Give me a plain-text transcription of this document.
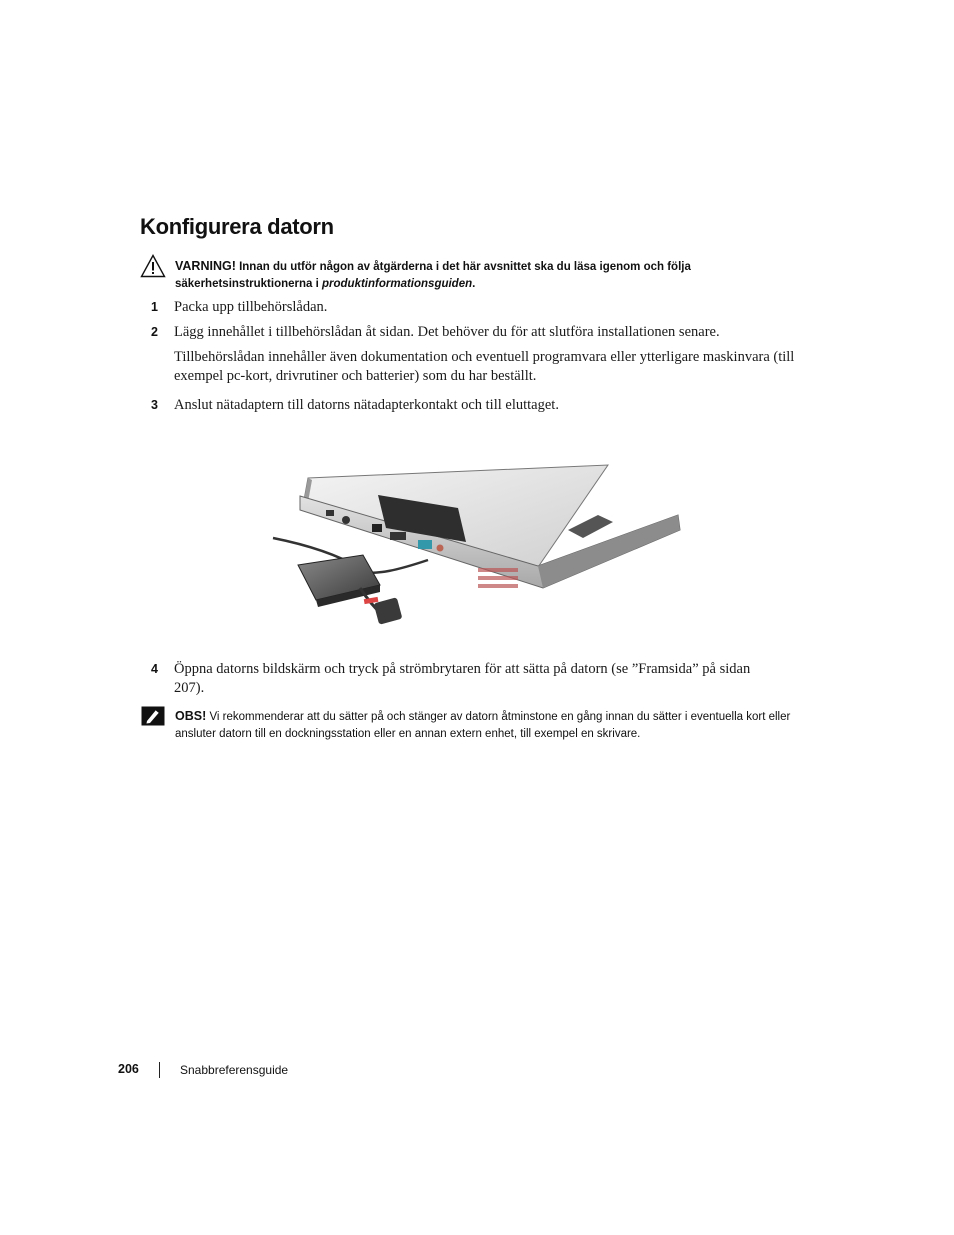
Konfigurera datorn
VARNING! Innan du utför någon av åtgärderna i det här avsnittet ska du läsa igenom och följa säkerhetsinstruktionerna i produktinformationsguiden.
1 Packa upp tillbehörslådan.
2 Lägg innehållet i tillbehörslådan åt sidan. Det behöver du för att slutföra installationen senare.
Tillbehörslådan innehåller även dokumentation och eventuell programvara eller ytterligare maskinvara (till exempel pc-kort, drivrutiner och batterier) som du har beställt.
3 Anslut nätadaptern till datorns nätadapterkontakt och till eluttaget.
4 Öppna datorns bildskärm och tryck på strömbrytaren för att sätta på datorn (se ”Framsida” på sidan 207).
OBS! Vi rekommenderar att du sätter på och stänger av datorn åtminstone en gång innan du sätter i eventuella kort eller ansluter datorn till en dockningsstation eller en annan extern enhet, till exempel en skrivare.
206	Snabbreferensguide
